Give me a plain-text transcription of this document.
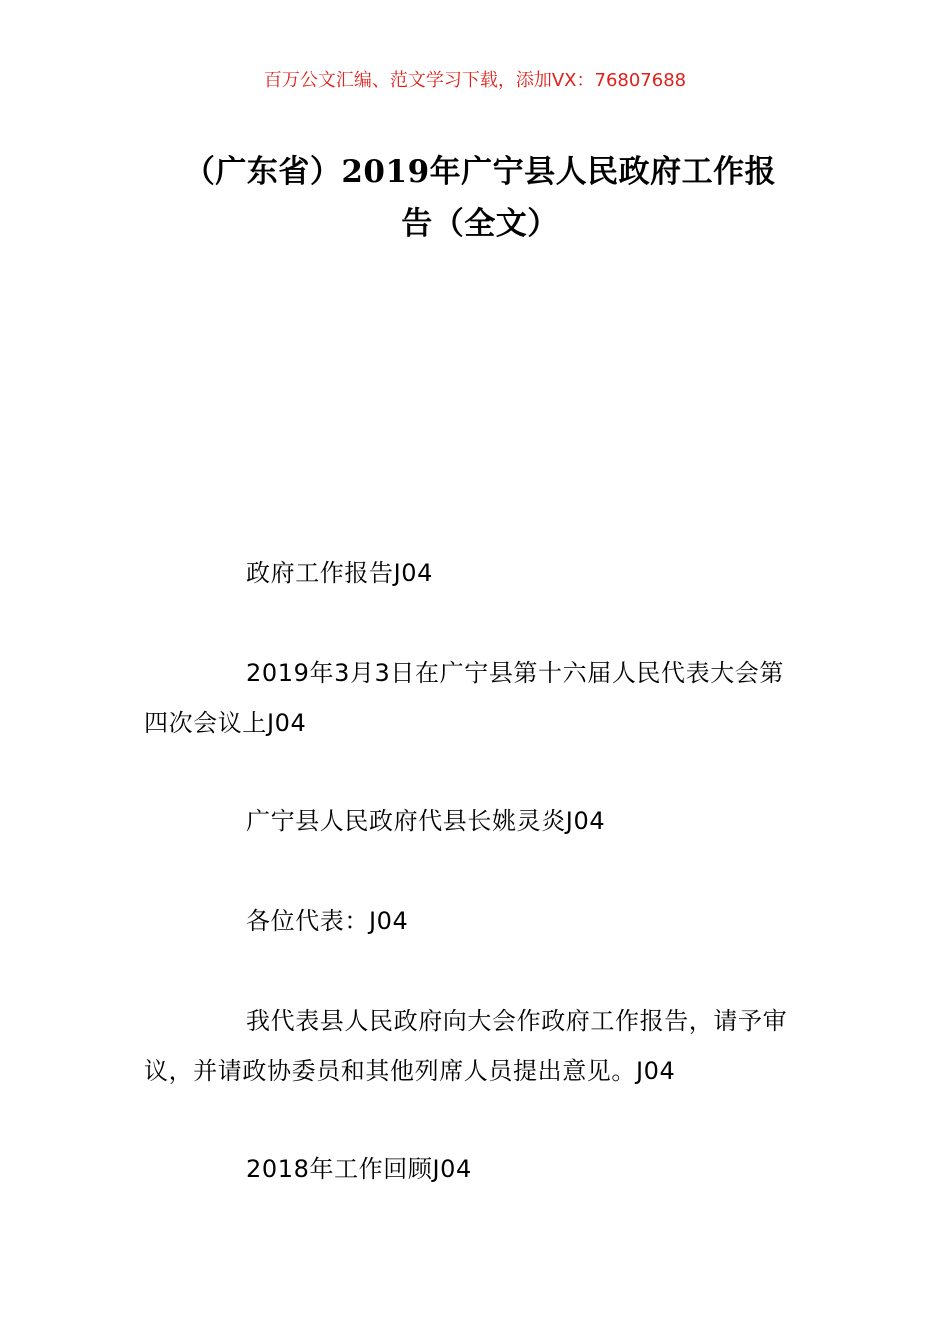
百万公文汇编、范文学习下载，添加VX：76807688
（广东省）2019年广宁县人民政府工作报
告（全文）

政府工作报告J04

2019年3月3日在广宁县第十六届人民代表大会第四次会议上J04

广宁县人民政府代县长姚灵炎J04

各位代表：J04

我代表县人民政府向大会作政府工作报告，请予审议，并请政协委员和其他列席人员提出意见。J04

2018年工作回顾J04
